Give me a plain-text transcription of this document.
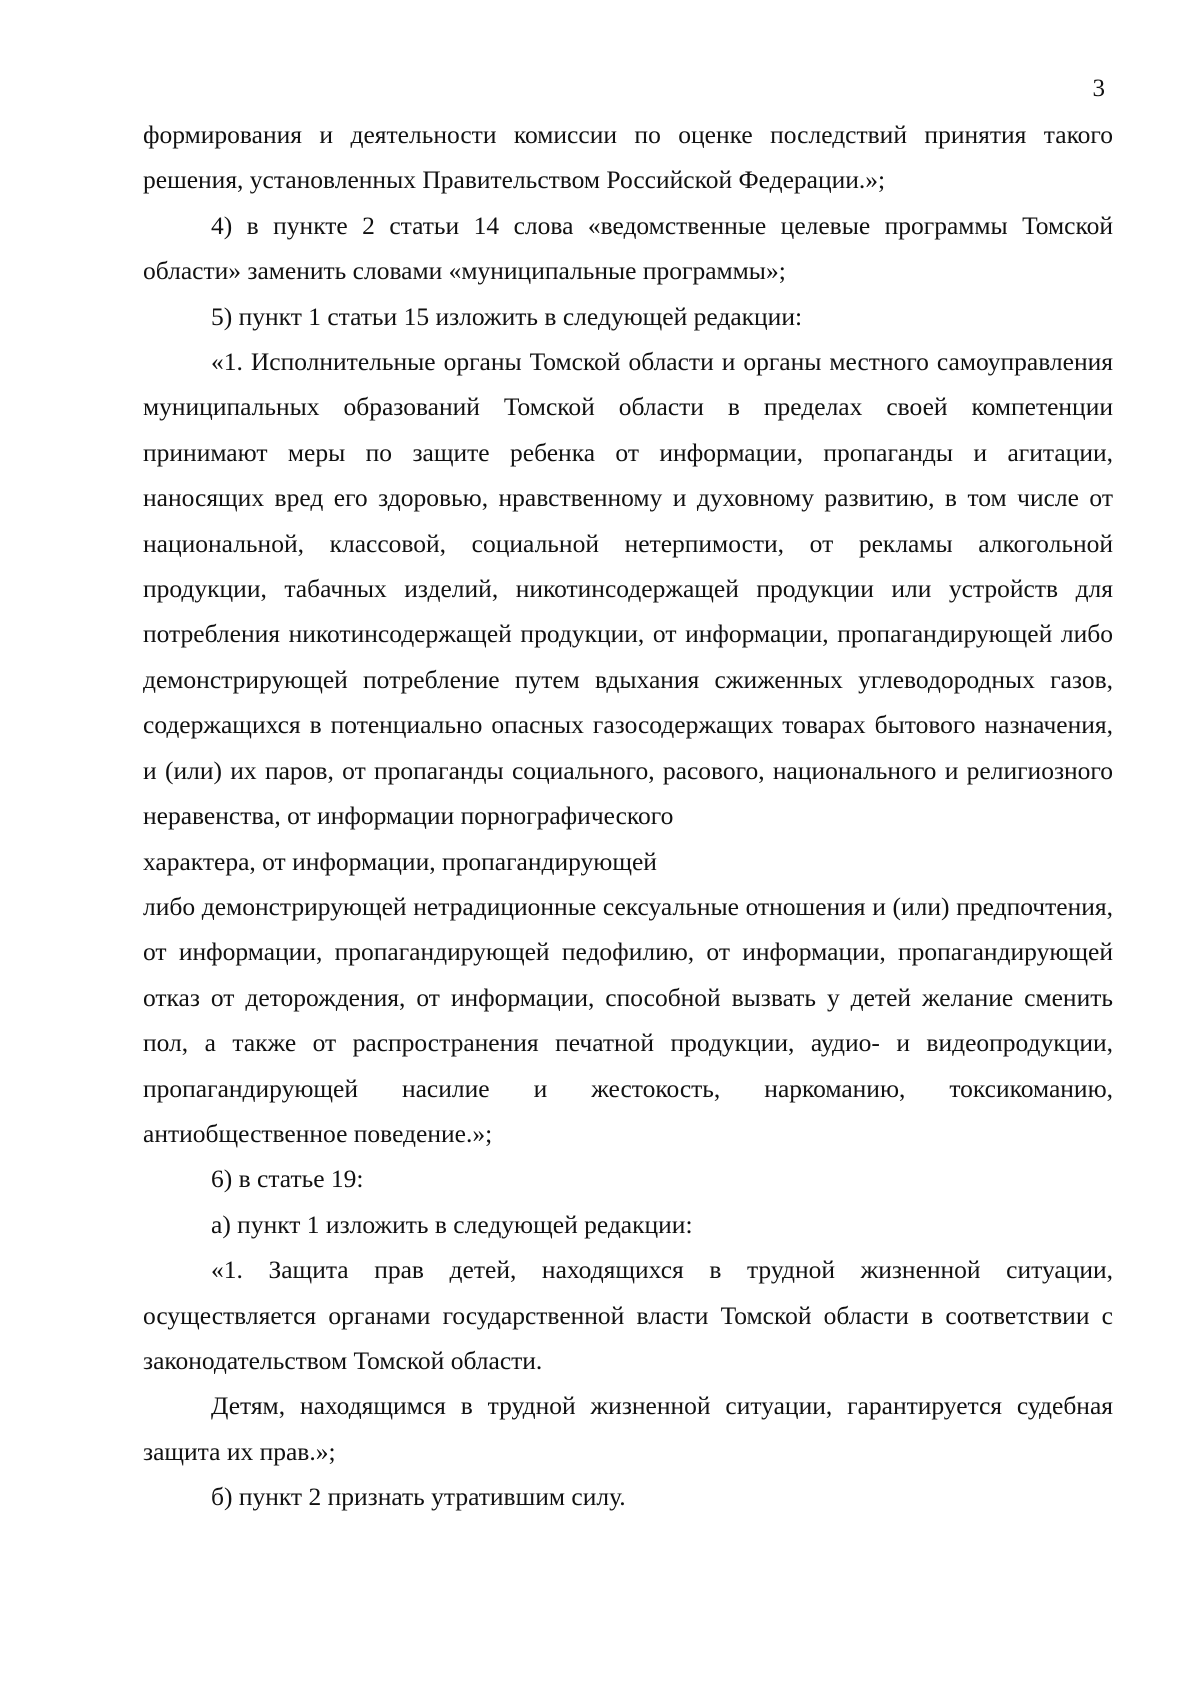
3

формирования и деятельности комиссии по оценке последствий принятия такого решения, установленных Правительством Российской Федерации.»;

4) в пункте 2 статьи 14 слова «ведомственные целевые программы Томской области» заменить словами «муниципальные программы»;

5) пункт 1 статьи 15 изложить в следующей редакции:

«1. Исполнительные органы Томской области и органы местного самоуправления муниципальных образований Томской области в пределах своей компетенции принимают меры по защите ребенка от информации, пропаганды и агитации, наносящих вред его здоровью, нравственному и духовному развитию, в том числе от национальной, классовой, социальной нетерпимости, от рекламы алкогольной продукции, табачных изделий, никотинсодержащей продукции или устройств для потребления никотинсодержащей продукции, от информации, пропагандирующей либо демонстрирующей потребление путем вдыхания сжиженных углеводородных газов, содержащихся в потенциально опасных газосодержащих товарах бытового назначения, и (или) их паров, от пропаганды социального, расового, национального и религиозного неравенства, от информации порнографического

характера, от информации, пропагандирующей

либо демонстрирующей нетрадиционные сексуальные отношения и (или) предпочтения, от информации, пропагандирующей педофилию, от информации, пропагандирующей отказ от деторождения, от информации, способной вызвать у детей желание сменить пол, а также от распространения печатной продукции, аудио- и видеопродукции, пропагандирующей насилие и жестокость, наркоманию, токсикоманию, антиобщественное поведение.»;

6) в статье 19:

а) пункт 1 изложить в следующей редакции:

«1. Защита прав детей, находящихся в трудной жизненной ситуации, осуществляется органами государственной власти Томской области в соответствии с законодательством Томской области.

Детям, находящимся в трудной жизненной ситуации, гарантируется судебная защита их прав.»;

б) пункт 2 признать утратившим силу.
